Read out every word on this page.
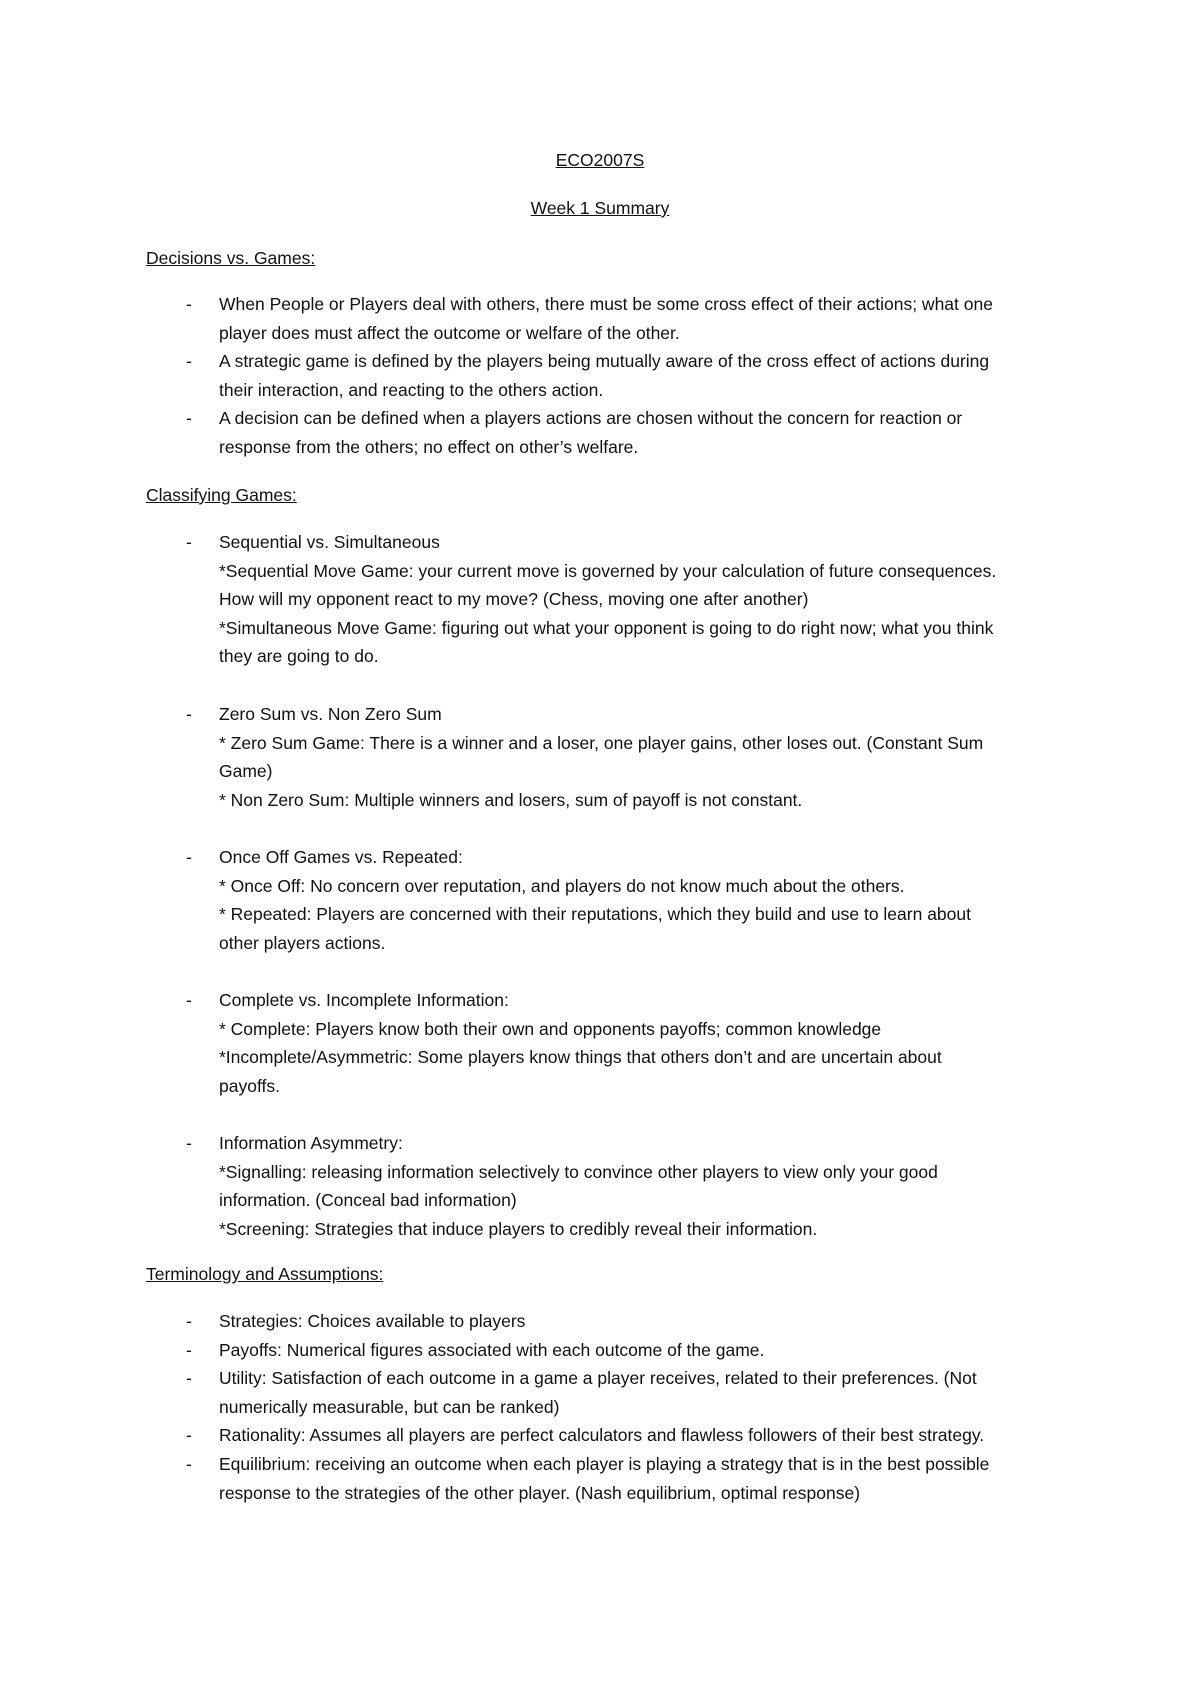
ECO2007S
Week 1 Summary
Decisions vs. Games:
- When People or Players deal with others, there must be some cross effect of their actions; what one
player does must affect the outcome or welfare of the other.
- A strategic game is defined by the players being mutually aware of the cross effect of actions during
their interaction, and reacting to the others action.
- A decision can be defined when a players actions are chosen without the concern for reaction or
response from the others; no effect on other’s welfare.
Classifying Games:
- Sequential vs. Simultaneous
*Sequential Move Game: your current move is governed by your calculation of future consequences.
How will my opponent react to my move? (Chess, moving one after another)
*Simultaneous Move Game: figuring out what your opponent is going to do right now; what you think
they are going to do.
- Zero Sum vs. Non Zero Sum
* Zero Sum Game: There is a winner and a loser, one player gains, other loses out. (Constant Sum
Game)
* Non Zero Sum: Multiple winners and losers, sum of payoff is not constant.
- Once Off Games vs. Repeated:
* Once Off: No concern over reputation, and players do not know much about the others.
* Repeated: Players are concerned with their reputations, which they build and use to learn about
other players actions.
- Complete vs. Incomplete Information:
* Complete: Players know both their own and opponents payoffs; common knowledge
*Incomplete/Asymmetric: Some players know things that others don’t and are uncertain about
payoffs.
- Information Asymmetry:
*Signalling: releasing information selectively to convince other players to view only your good
information. (Conceal bad information)
*Screening: Strategies that induce players to credibly reveal their information.
Terminology and Assumptions:
- Strategies: Choices available to players
- Payoffs: Numerical figures associated with each outcome of the game.
- Utility: Satisfaction of each outcome in a game a player receives, related to their preferences. (Not
numerically measurable, but can be ranked)
- Rationality: Assumes all players are perfect calculators and flawless followers of their best strategy.
- Equilibrium: receiving an outcome when each player is playing a strategy that is in the best possible
response to the strategies of the other player. (Nash equilibrium, optimal response)
